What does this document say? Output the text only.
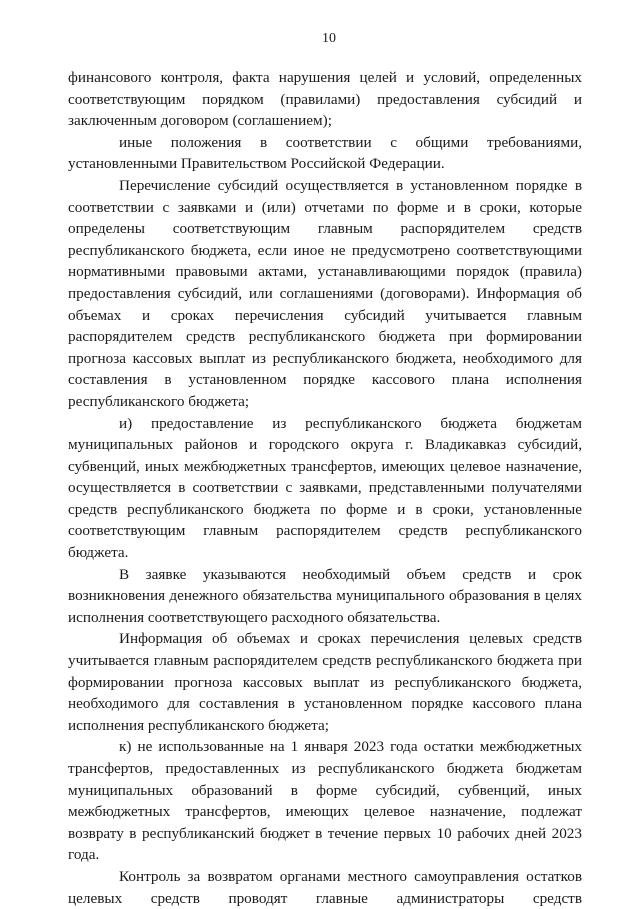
10

финансового контроля, факта нарушения целей и условий, определенных соответствующим порядком (правилами) предоставления субсидий и заключенным договором (соглашением);

иные положения в соответствии с общими требованиями, установленными Правительством Российской Федерации.

Перечисление субсидий осуществляется в установленном порядке в соответствии с заявками и (или) отчетами по форме и в сроки, которые определены соответствующим главным распорядителем средств республиканского бюджета, если иное не предусмотрено соответствующими нормативными правовыми актами, устанавливающими порядок (правила) предоставления субсидий, или соглашениями (договорами). Информация об объемах и сроках перечисления субсидий учитывается главным распорядителем средств республиканского бюджета при формировании прогноза кассовых выплат из республиканского бюджета, необходимого для составления в установленном порядке кассового плана исполнения республиканского бюджета;

и) предоставление из республиканского бюджета бюджетам муниципальных районов и городского округа г. Владикавказ субсидий, субвенций, иных межбюджетных трансфертов, имеющих целевое назначение, осуществляется в соответствии с заявками, представленными получателями средств республиканского бюджета по форме и в сроки, установленные соответствующим главным распорядителем средств республиканского бюджета.

В заявке указываются необходимый объем средств и срок возникновения денежного обязательства муниципального образования в целях исполнения соответствующего расходного обязательства.

Информация об объемах и сроках перечисления целевых средств учитывается главным распорядителем средств республиканского бюджета при формировании прогноза кассовых выплат из республиканского бюджета, необходимого для составления в установленном порядке кассового плана исполнения республиканского бюджета;

к) не использованные на 1 января 2023 года остатки межбюджетных трансфертов, предоставленных из республиканского бюджета бюджетам муниципальных образований в форме субсидий, субвенций, иных межбюджетных трансфертов, имеющих целевое назначение, подлежат возврату в республиканский бюджет в течение первых 10 рабочих дней 2023 года.

Контроль за возвратом органами местного самоуправления остатков целевых средств проводят главные администраторы средств
